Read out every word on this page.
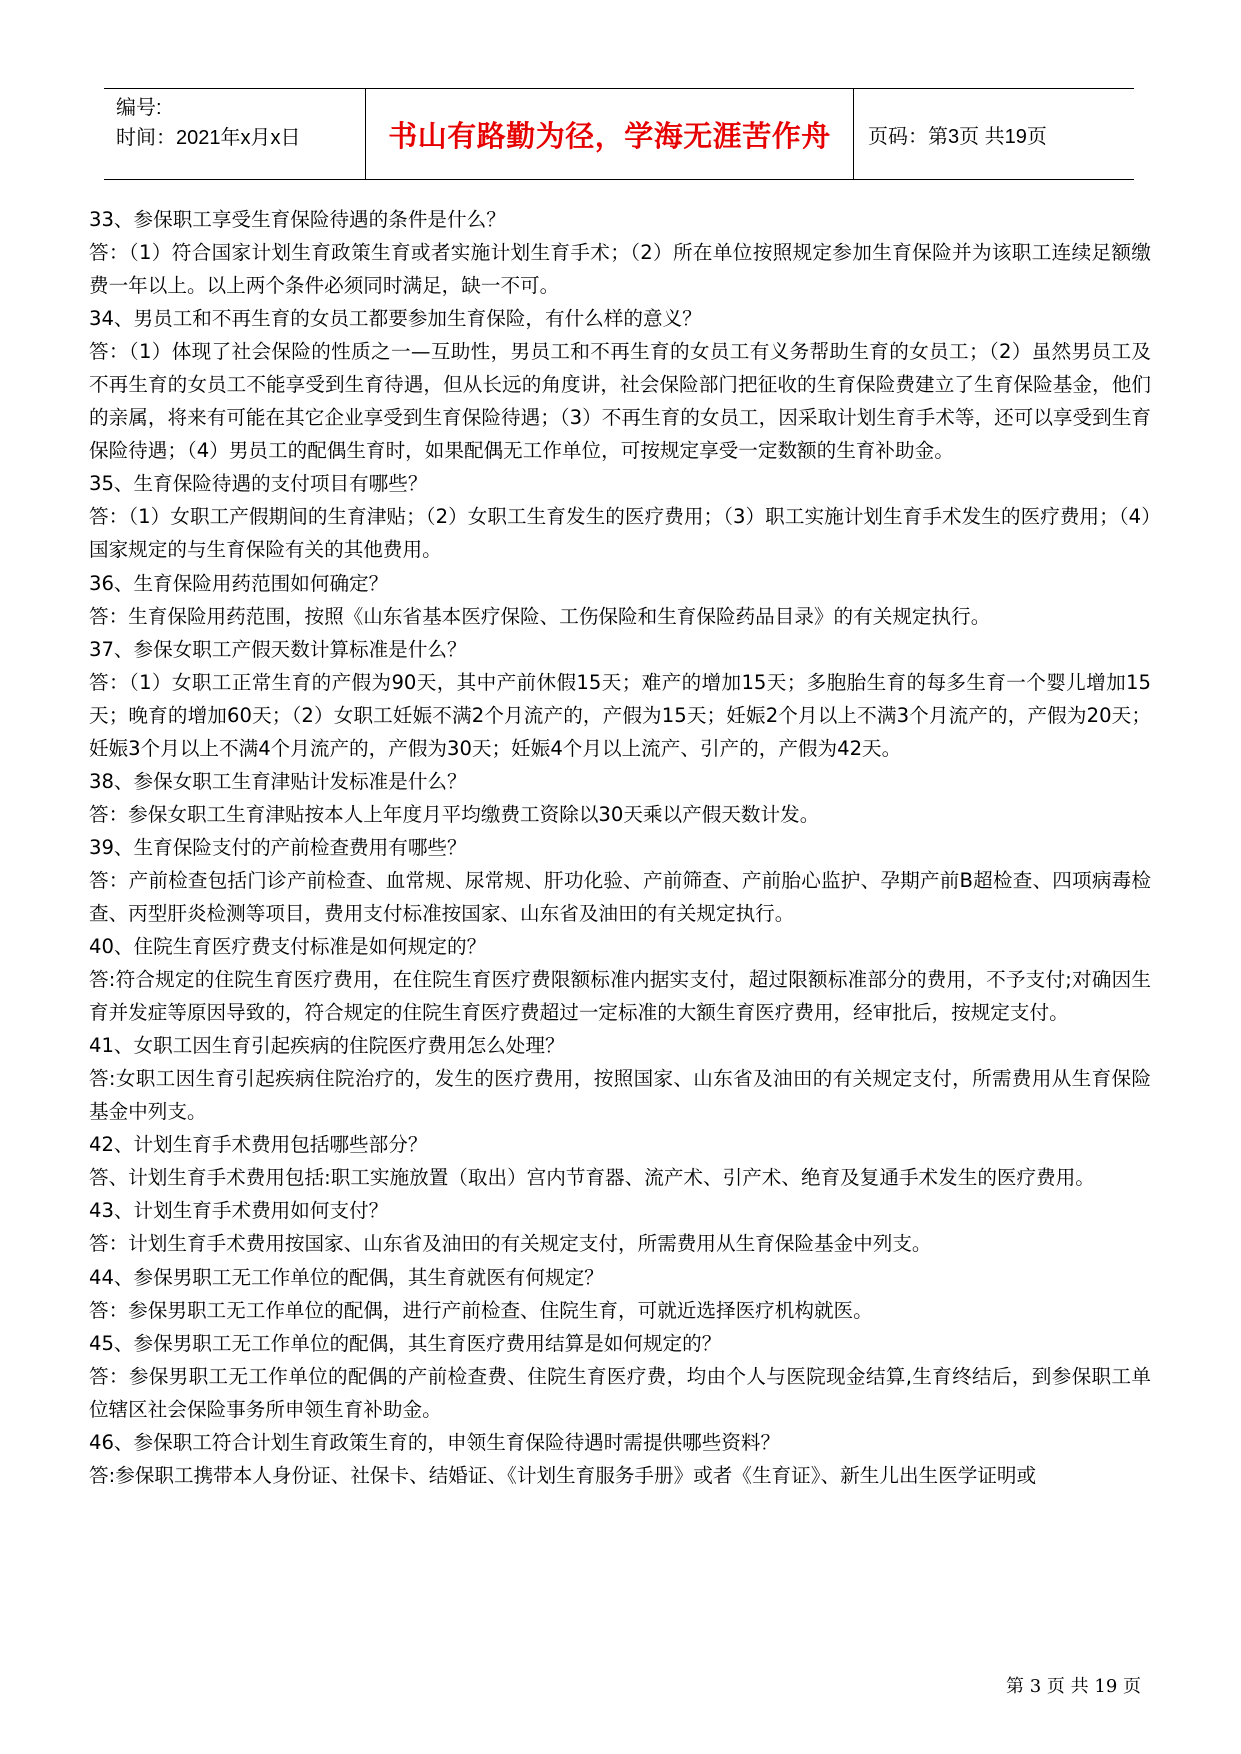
编号:
时间：2021年x月x日	书山有路勤为径，学海无涯苦作舟 页码：第3页 共19页

33、参保职工享受生育保险待遇的条件是什么？

答：（1）符合国家计划生育政策生育或者实施计划生育手术；（2）所在单位按照规定参加生育保险并为该职工连续足额缴费一年以上。以上两个条件必须同时满足，缺一不可。

34、男员工和不再生育的女员工都要参加生育保险，有什么样的意义？

答：（1）体现了社会保险的性质之一—互助性，男员工和不再生育的女员工有义务帮助生育的女员工；（2）虽然男员工及不再生育的女员工不能享受到生育待遇，但从长远的角度讲，社会保险部门把征收的生育保险费建立了生育保险基金，他们的亲属，将来有可能在其它企业享受到生育保险待遇；（3）不再生育的女员工，因采取计划生育手术等，还可以享受到生育保险待遇；（4）男员工的配偶生育时，如果配偶无工作单位，可按规定享受一定数额的生育补助金。

35、生育保险待遇的支付项目有哪些？

答：（1）女职工产假期间的生育津贴；（2）女职工生育发生的医疗费用；（3）职工实施计划生育手术发生的医疗费用；（4）国家规定的与生育保险有关的其他费用。

36、生育保险用药范围如何确定？

答：生育保险用药范围，按照《山东省基本医疗保险、工伤保险和生育保险药品目录》的有关规定执行。

37、参保女职工产假天数计算标准是什么？

答：（1）女职工正常生育的产假为90天，其中产前休假15天；难产的增加15天；多胞胎生育的每多生育一个婴儿增加15天；晚育的增加60天；（2）女职工妊娠不满2个月流产的，产假为15天；妊娠2个月以上不满3个月流产的，产假为20天；妊娠3个月以上不满4个月流产的，产假为30天；妊娠4个月以上流产、引产的，产假为42天。

38、参保女职工生育津贴计发标准是什么？

答：参保女职工生育津贴按本人上年度月平均缴费工资除以30天乘以产假天数计发。

39、生育保险支付的产前检查费用有哪些？

答：产前检查包括门诊产前检查、血常规、尿常规、肝功化验、产前筛查、产前胎心监护、孕期产前B超检查、四项病毒检查、丙型肝炎检测等项目，费用支付标准按国家、山东省及油田的有关规定执行。

40、住院生育医疗费支付标准是如何规定的？

答:符合规定的住院生育医疗费用，在住院生育医疗费限额标准内据实支付，超过限额标准部分的费用，不予支付;对确因生育并发症等原因导致的，符合规定的住院生育医疗费超过一定标准的大额生育医疗费用，经审批后，按规定支付。

41、女职工因生育引起疾病的住院医疗费用怎么处理？

答:女职工因生育引起疾病住院治疗的，发生的医疗费用，按照国家、山东省及油田的有关规定支付，所需费用从生育保险基金中列支。

42、计划生育手术费用包括哪些部分？

答、计划生育手术费用包括:职工实施放置（取出）宫内节育器、流产术、引产术、绝育及复通手术发生的医疗费用。

43、计划生育手术费用如何支付？

答：计划生育手术费用按国家、山东省及油田的有关规定支付，所需费用从生育保险基金中列支。

44、参保男职工无工作单位的配偶，其生育就医有何规定？

答：参保男职工无工作单位的配偶，进行产前检查、住院生育，可就近选择医疗机构就医。

45、参保男职工无工作单位的配偶，其生育医疗费用结算是如何规定的？

答：参保男职工无工作单位的配偶的产前检查费、住院生育医疗费，均由个人与医院现金结算,生育终结后，到参保职工单位辖区社会保险事务所申领生育补助金。

46、参保职工符合计划生育政策生育的，申领生育保险待遇时需提供哪些资料？

答:参保职工携带本人身份证、社保卡、结婚证、《计划生育服务手册》或者《生育证》、新生儿出生医学证明或

第 3 页 共 19 页
